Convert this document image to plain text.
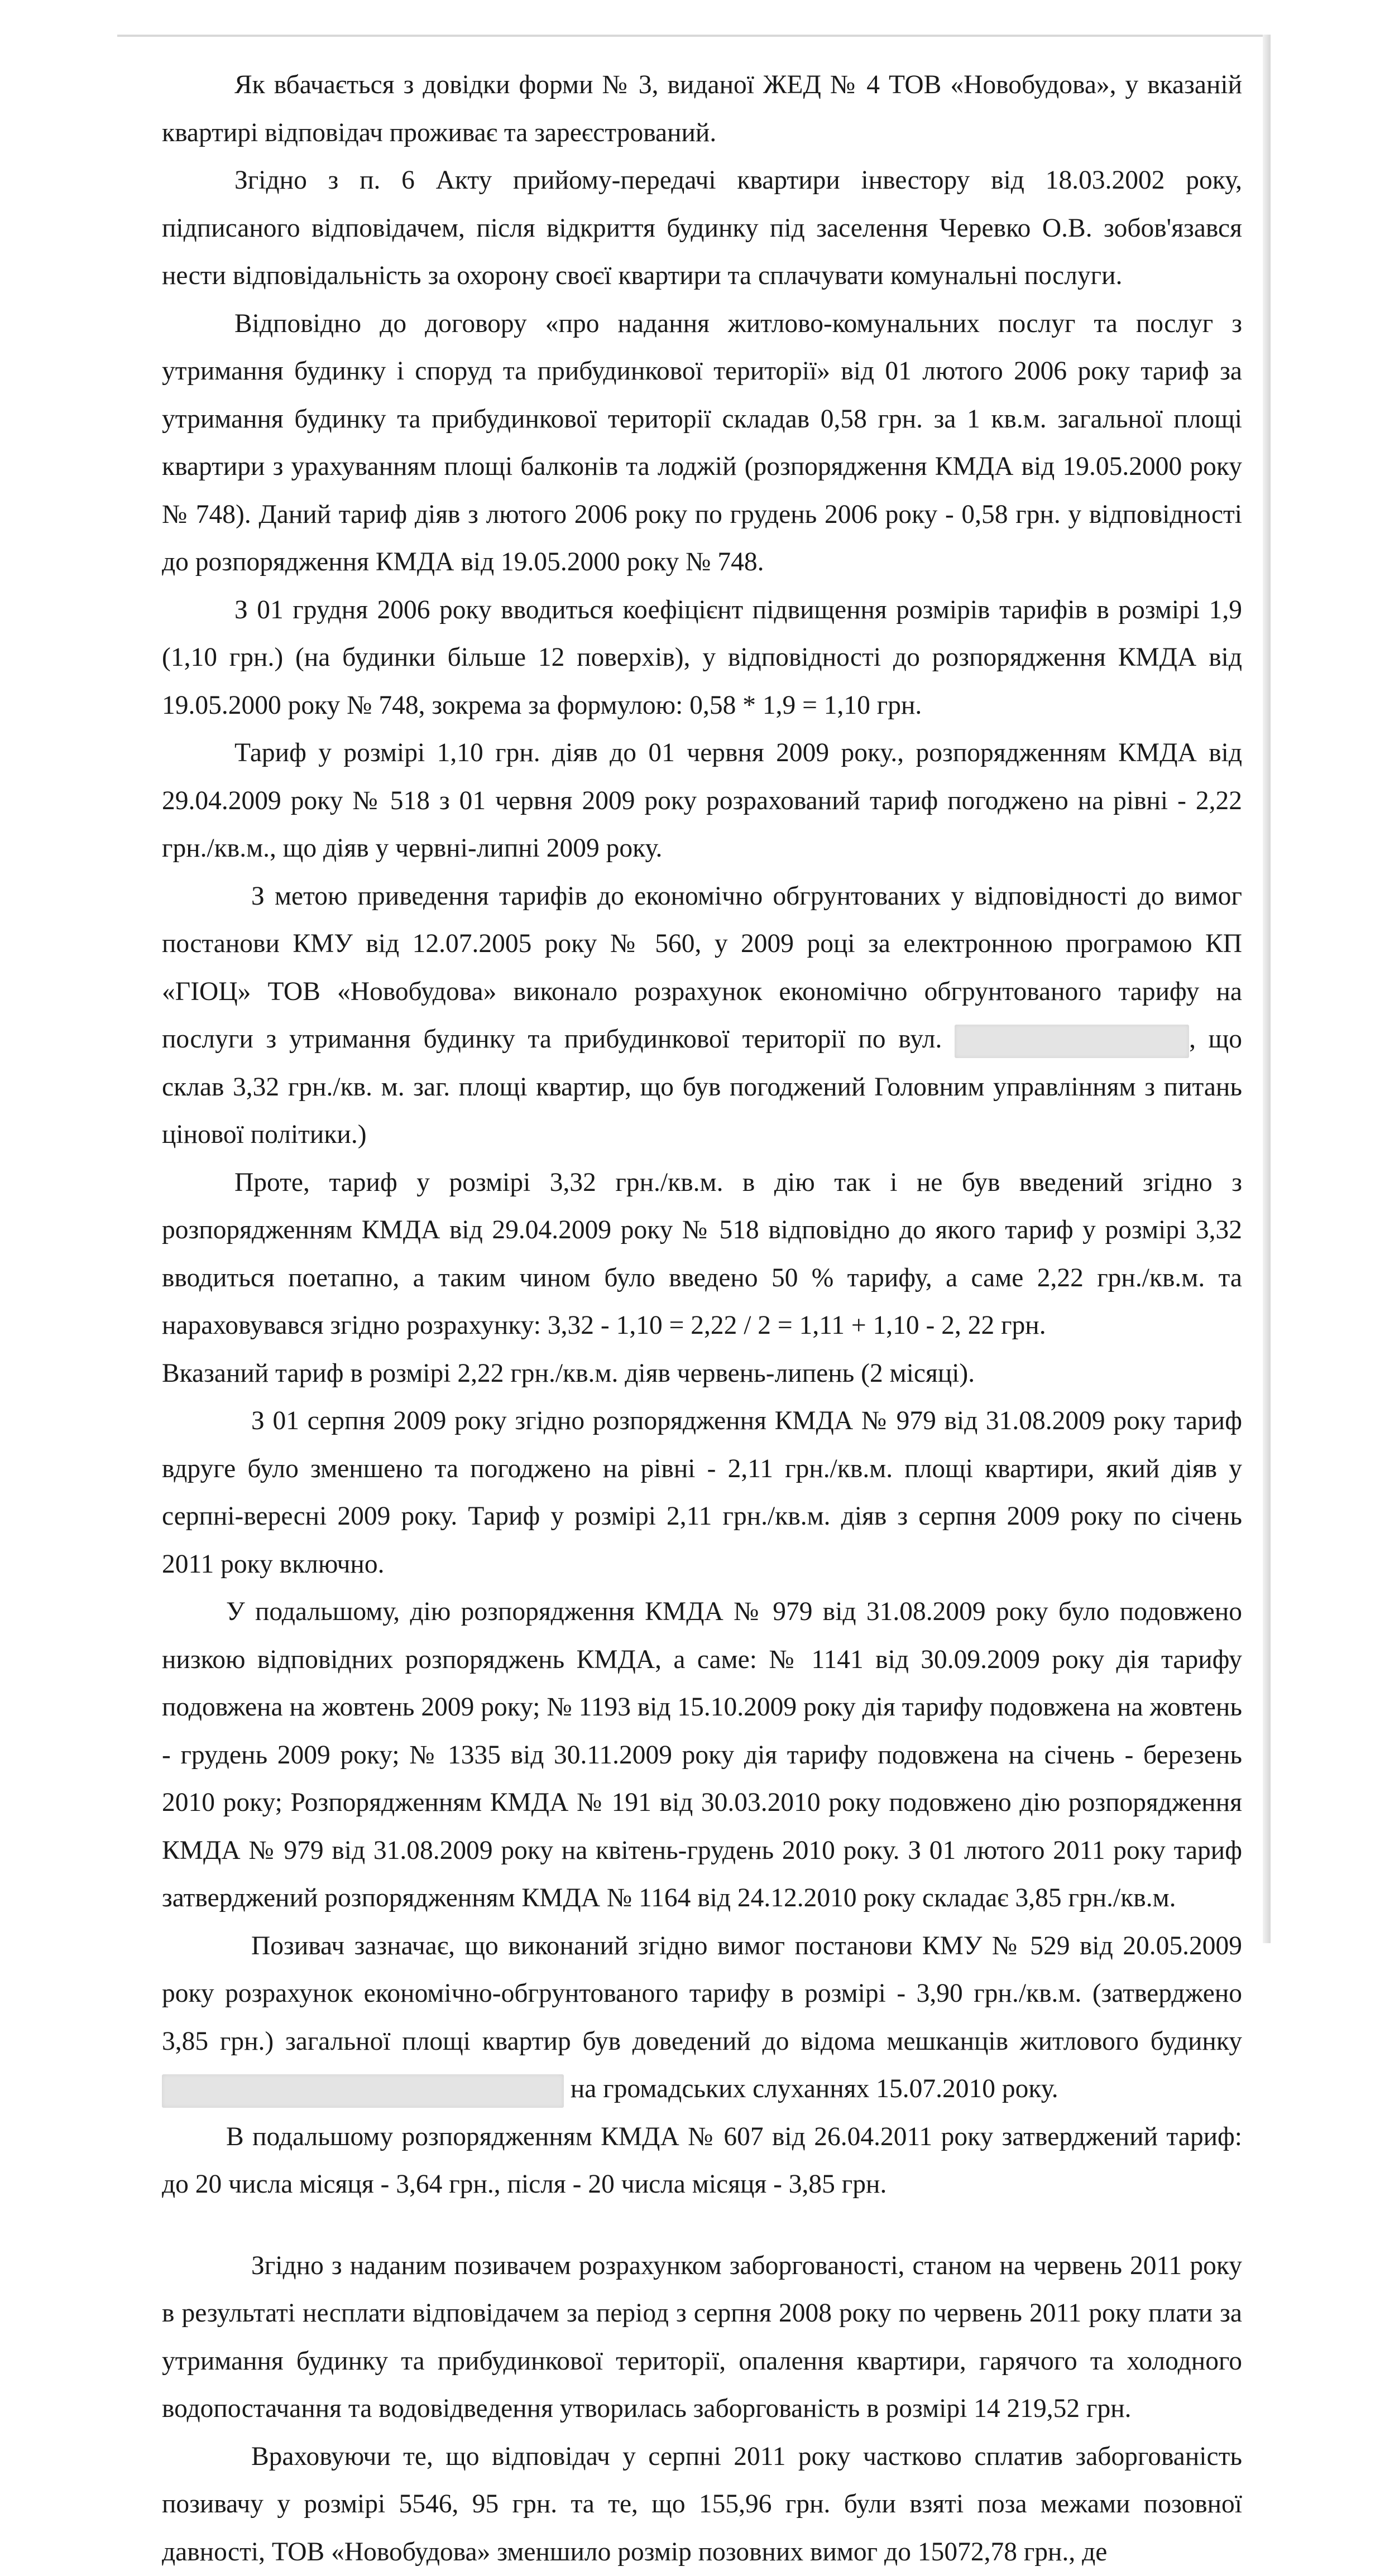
Як вбачається з довідки форми № 3, виданої ЖЕД № 4 ТОВ «Новобудова», у вказаній квартирі відповідач проживає та зареєстрований.

Згідно з п. 6 Акту прийому-передачі квартири інвестору від 18.03.2002 року, підписаного відповідачем, після відкриття будинку під заселення Черевко О.В. зобов'язався нести відповідальність за охорону своєї квартири та сплачувати комунальні послуги.

Відповідно до договору «про надання житлово-комунальних послуг та послуг з утримання будинку і споруд та прибудинкової території» від 01 лютого 2006 року тариф за утримання будинку та прибудинкової території складав 0,58 грн. за 1 кв.м. загальної площі квартири з урахуванням площі балконів та лоджій (розпорядження КМДА від 19.05.2000 року № 748). Даний тариф діяв з лютого 2006 року по грудень 2006 року - 0,58 грн. у відповідності до розпорядження КМДА від 19.05.2000 року № 748.

З 01 грудня 2006 року вводиться коефіцієнт підвищення розмірів тарифів в розмірі 1,9 (1,10 грн.) (на будинки більше 12 поверхів), у відповідності до розпорядження КМДА від 19.05.2000 року № 748, зокрема за формулою: 0,58 * 1,9 = 1,10 грн.

Тариф у розмірі 1,10 грн. діяв до 01 червня 2009 року., розпорядженням КМДА від 29.04.2009 року № 518 з 01 червня 2009 року розрахований тариф погоджено на рівні - 2,22 грн./кв.м., що діяв у червні-липні 2009 року.

З метою приведення тарифів до економічно обгрунтованих у відповідності до вимог постанови КМУ від 12.07.2005 року № 560, у 2009 році за електронною програмою КП «ГІОЦ» ТОВ «Новобудова» виконало розрахунок економічно обгрунтованого тарифу на послуги з утримання будинку та прибудинкової території по вул.	, що склав 3,32 грн./кв. м. заг. площі квартир, що був погоджений Головним управлінням з питань цінової політики.)

Проте, тариф у розмірі 3,32 грн./кв.м. в дію так і не був введений згідно з розпорядженням КМДА від 29.04.2009 року № 518 відповідно до якого тариф у розмірі 3,32 вводиться поетапно, а таким чином було введено 50 % тарифу, а саме 2,22 грн./кв.м. та нараховувався згідно розрахунку: 3,32 - 1,10 = 2,22 / 2 = 1,11 + 1,10 - 2, 22 грн.

Вказаний тариф в розмірі 2,22 грн./кв.м. діяв червень-липень (2 місяці).

З 01 серпня 2009 року згідно розпорядження КМДА № 979 від 31.08.2009 року тариф вдруге було зменшено та погоджено на рівні - 2,11 грн./кв.м. площі квартири, який діяв у серпні-вересні 2009 року. Тариф у розмірі 2,11 грн./кв.м. діяв з серпня 2009 року по січень 2011 року включно.

У подальшому, дію розпорядження КМДА № 979 від 31.08.2009 року було подовжено низкою відповідних розпоряджень КМДА, а саме: № 1141 від 30.09.2009 року дія тарифу подовжена на жовтень 2009 року; № 1193 від 15.10.2009 року дія тарифу подовжена на жовтень - грудень 2009 року; № 1335 від 30.11.2009 року дія тарифу подовжена на січень - березень 2010 року; Розпорядженням КМДА № 191 від 30.03.2010 року подовжено дію розпорядження КМДА № 979 від 31.08.2009 року на квітень-грудень 2010 року. З 01 лютого 2011 року тариф затверджений розпорядженням КМДА № 1164 від 24.12.2010 року складає 3,85 грн./кв.м.

Позивач зазначає, що виконаний згідно вимог постанови КМУ № 529 від 20.05.2009 року розрахунок економічно-обгрунтованого тарифу в розмірі - 3,90 грн./кв.м. (затверджено 3,85 грн.) загальної площі квартир був доведений до відома мешканців житлового будинку  на громадських слуханнях 15.07.2010 року.

В подальшому розпорядженням КМДА № 607 від 26.04.2011 року затверджений тариф: до 20 числа місяця - 3,64 грн., після - 20 числа місяця - 3,85 грн.

Згідно з наданим позивачем розрахунком заборгованості, станом на червень 2011 року в результаті несплати відповідачем за період з серпня 2008 року по червень 2011 року плати за утримання будинку та прибудинкової території, опалення квартири, гарячого та холодного водопостачання та водовідведення утворилась заборгованість в розмірі 14 219,52 грн.

Враховуючи те, що відповідач у серпні 2011 року частково сплатив заборгованість позивачу у розмірі 5546, 95 грн. та те, що 155,96 грн. були взяті поза межами позовної давності, ТОВ «Новобудова» зменшило розмір позовних вимог до 15072,78 грн., де
